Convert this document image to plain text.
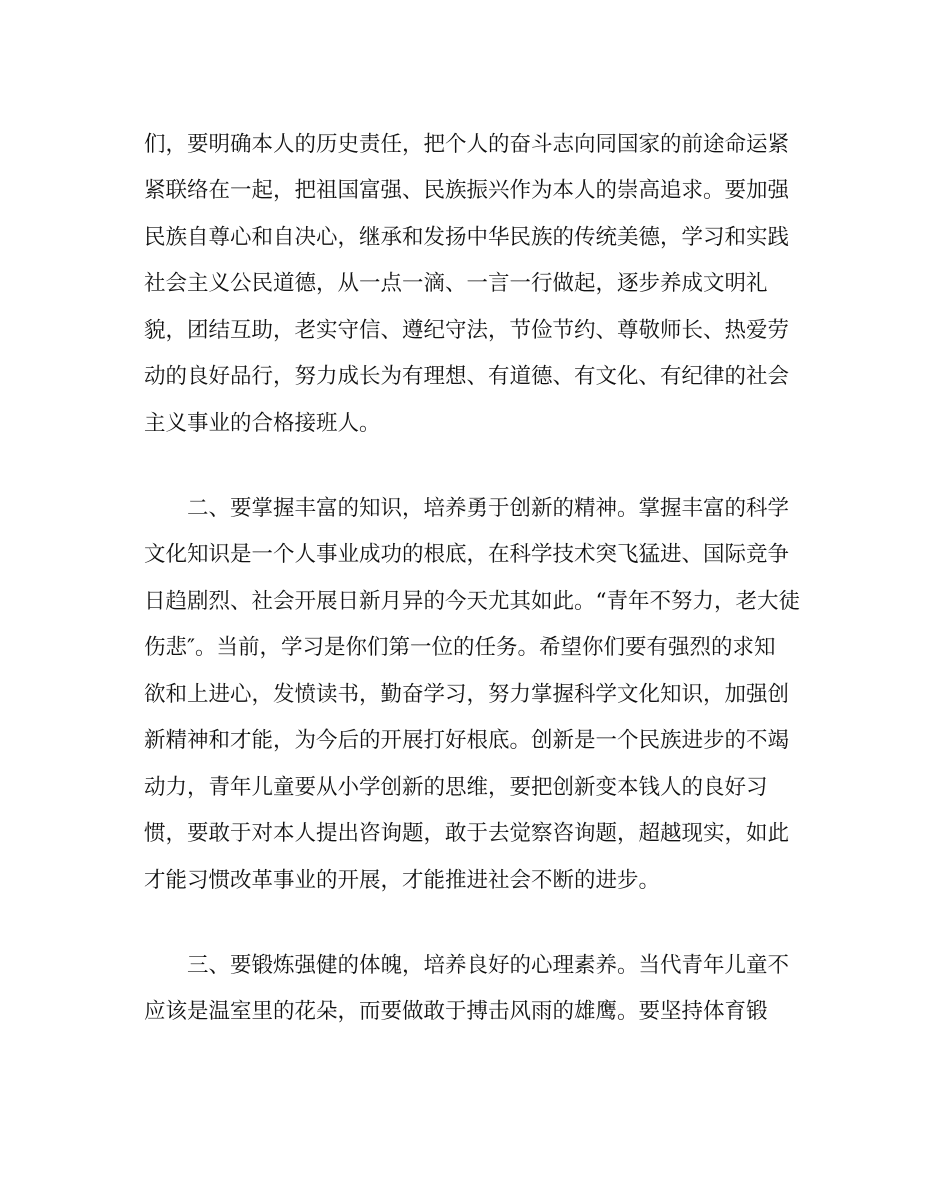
们，要明确本人的历史责任，把个人的奋斗志向同国家的前途命运紧

紧联络在一起，把祖国富强、民族振兴作为本人的崇高追求。要加强

民族自尊心和自决心，继承和发扬中华民族的传统美德，学习和实践

社会主义公民道德，从一点一滴、一言一行做起，逐步养成文明礼

貌，团结互助，老实守信、遵纪守法，节俭节约、尊敬师长、热爱劳

动的良好品行，努力成长为有理想、有道德、有文化、有纪律的社会

主义事业的合格接班人。

二、要掌握丰富的知识，培养勇于创新的精神。掌握丰富的科学

文化知识是一个人事业成功的根底，在科学技术突飞猛进、国际竞争

日趋剧烈、社会开展日新月异的今天尤其如此。“青年不努力，老大徒

伤悲″。当前，学习是你们第一位的任务。希望你们要有强烈的求知

欲和上进心，发愤读书，勤奋学习，努力掌握科学文化知识，加强创

新精神和才能，为今后的开展打好根底。创新是一个民族进步的不竭

动力，青年儿童要从小学创新的思维，要把创新变本钱人的良好习

惯，要敢于对本人提出咨询题，敢于去觉察咨询题，超越现实，如此

才能习惯改革事业的开展，才能推进社会不断的进步。

三、要锻炼强健的体魄，培养良好的心理素养。当代青年儿童不

应该是温室里的花朵，而要做敢于搏击风雨的雄鹰。要坚持体育锻
